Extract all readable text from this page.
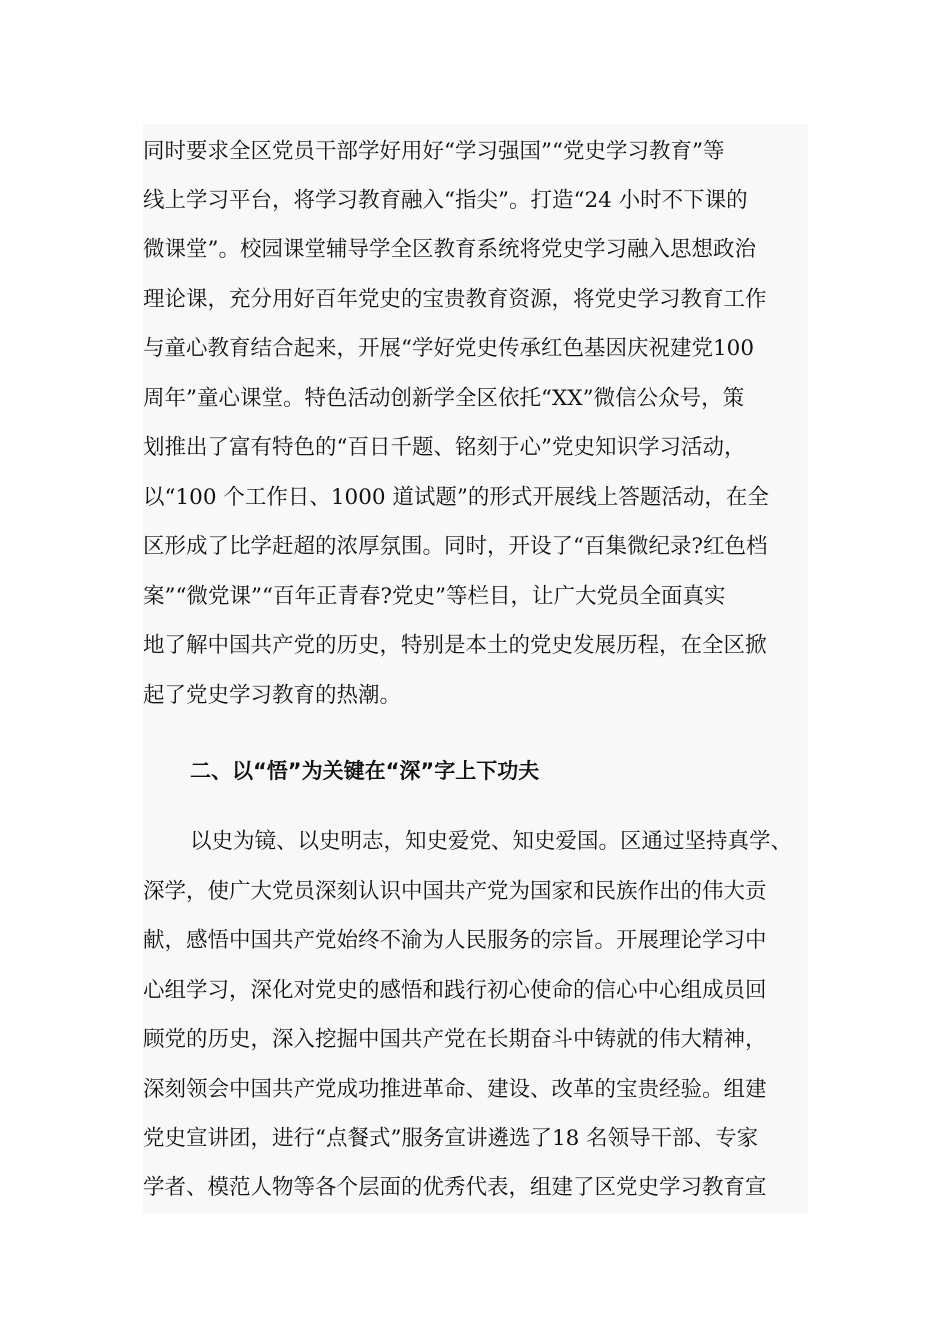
同时要求全区党员干部学好用好“学习强国”“党史学习教育”等
线上学习平台，将学习教育融入“指尖”。打造“24 小时不下课的
微课堂”。校园课堂辅导学全区教育系统将党史学习融入思想政治
理论课，充分用好百年党史的宝贵教育资源，将党史学习教育工作
与童心教育结合起来，开展“学好党史传承红色基因庆祝建党100
周年”童心课堂。特色活动创新学全区依托“XX”微信公众号，策
划推出了富有特色的“百日千题、铭刻于心”党史知识学习活动，
以“100 个工作日、1000 道试题”的形式开展线上答题活动，在全
区形成了比学赶超的浓厚氛围。同时，开设了“百集微纪录?红色档
案”“微党课”“百年正青春?党史”等栏目，让广大党员全面真实
地了解中国共产党的历史，特别是本土的党史发展历程，在全区掀
起了党史学习教育的热潮。
二、以“悟”为关键在“深”字上下功夫
以史为镜、以史明志，知史爱党、知史爱国。区通过坚持真学、
深学，使广大党员深刻认识中国共产党为国家和民族作出的伟大贡
献，感悟中国共产党始终不渝为人民服务的宗旨。开展理论学习中
心组学习，深化对党史的感悟和践行初心使命的信心中心组成员回
顾党的历史，深入挖掘中国共产党在长期奋斗中铸就的伟大精神，
深刻领会中国共产党成功推进革命、建设、改革的宝贵经验。组建
党史宣讲团，进行“点餐式”服务宣讲遴选了18 名领导干部、专家
学者、模范人物等各个层面的优秀代表，组建了区党史学习教育宣
